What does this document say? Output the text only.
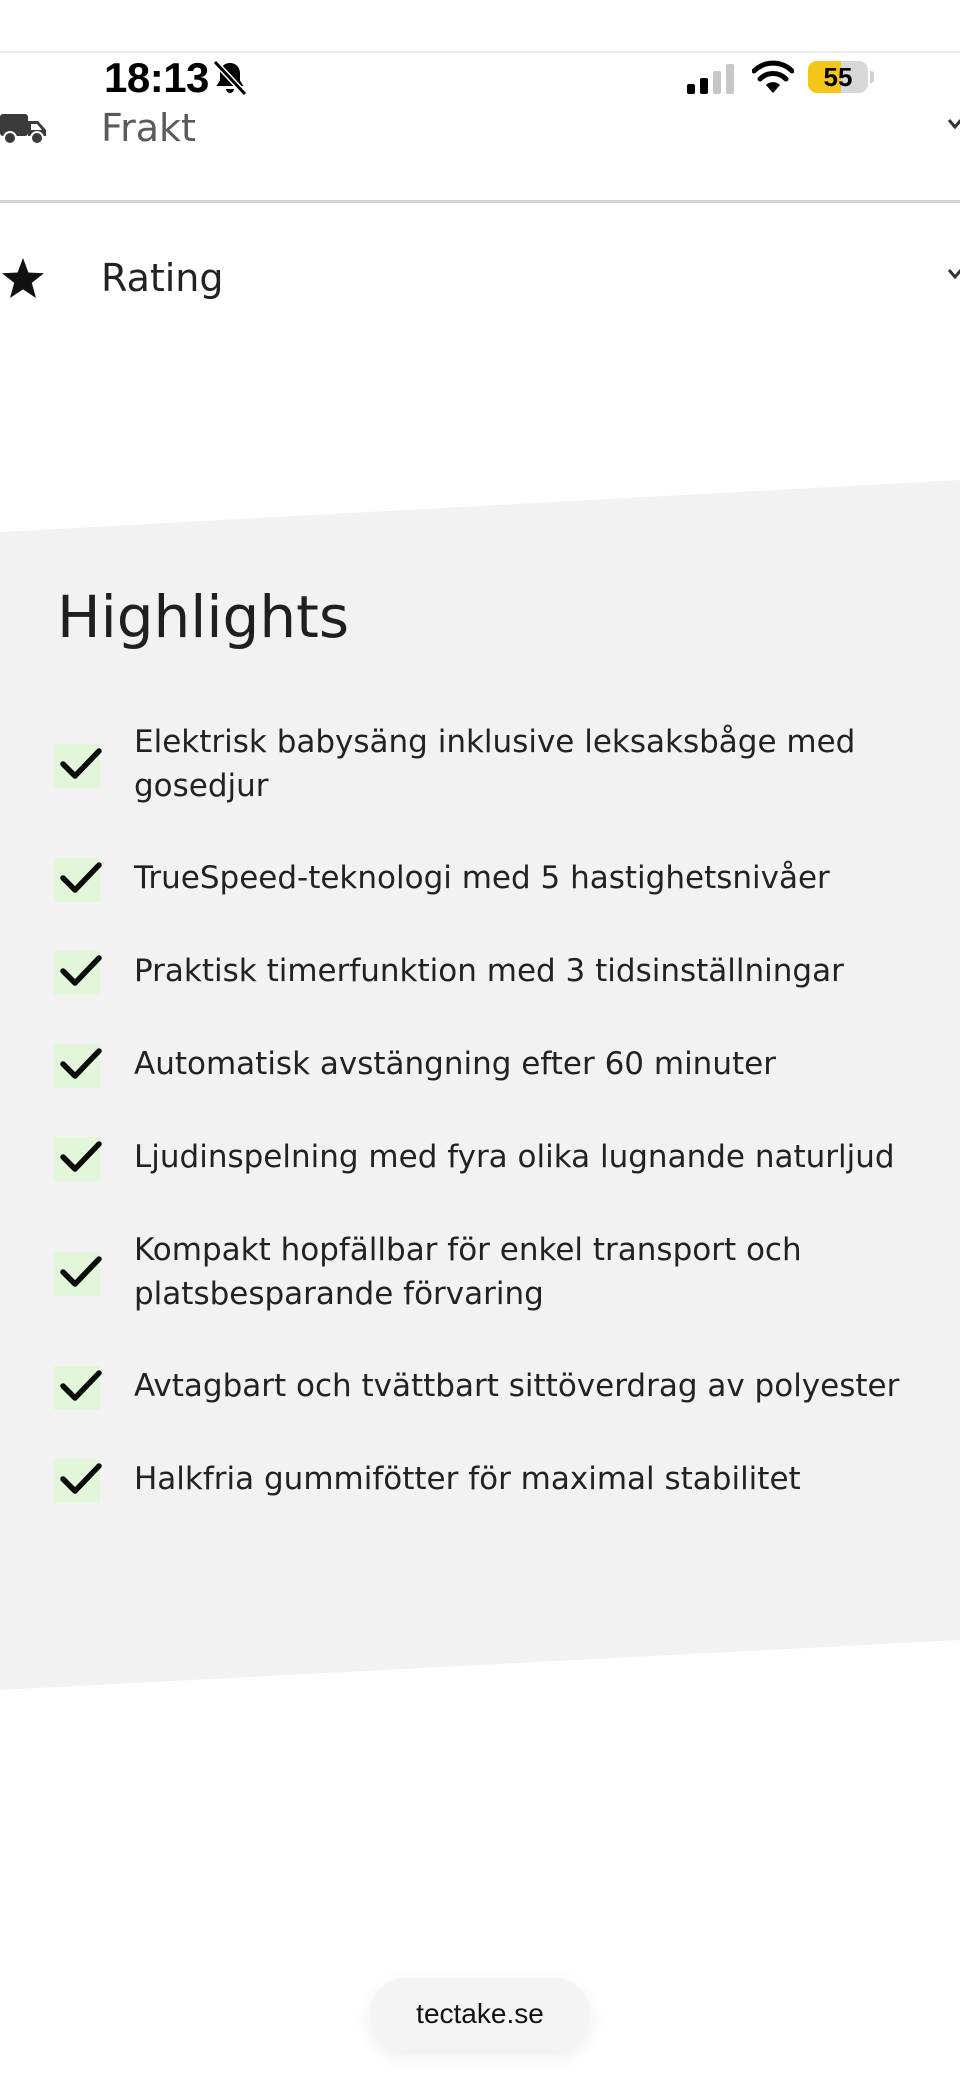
18:13	55
Frakt
Rating
Highlights
Elektrisk babysäng inklusive leksaksbåge med gosedjur
TrueSpeed-teknologi med 5 hastighetsnivåer
Praktisk timerfunktion med 3 tidsinställningar
Automatisk avstängning efter 60 minuter
Ljudinspelning med fyra olika lugnande naturljud
Kompakt hopfällbar för enkel transport och platsbesparande förvaring
Avtagbart och tvättbart sittöverdrag av polyester
Halkfria gummifötter för maximal stabilitet
tectake.se
